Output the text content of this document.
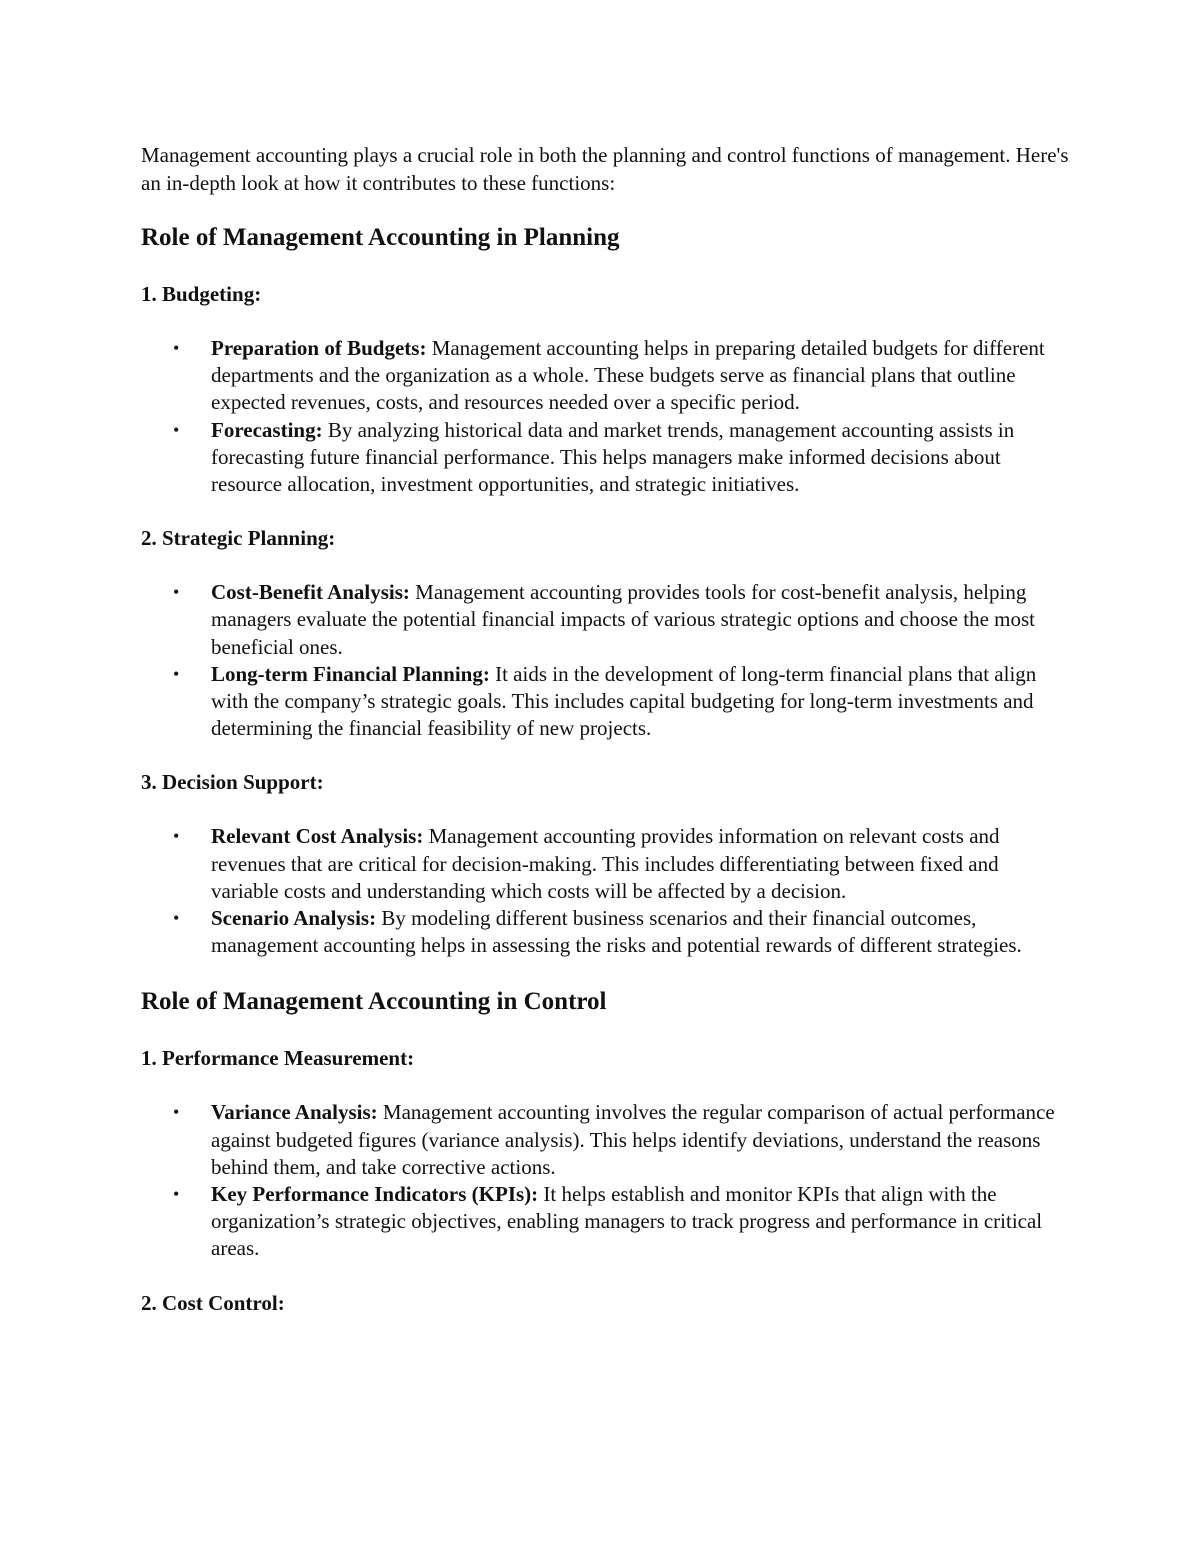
Management accounting plays a crucial role in both the planning and control functions of management. Here's an in-depth look at how it contributes to these functions:

Role of Management Accounting in Planning
1. Budgeting:
• Preparation of Budgets: Management accounting helps in preparing detailed budgets for different departments and the organization as a whole. These budgets serve as financial plans that outline expected revenues, costs, and resources needed over a specific period.
• Forecasting: By analyzing historical data and market trends, management accounting assists in forecasting future financial performance. This helps managers make informed decisions about resource allocation, investment opportunities, and strategic initiatives.
2. Strategic Planning:
• Cost-Benefit Analysis: Management accounting provides tools for cost-benefit analysis, helping managers evaluate the potential financial impacts of various strategic options and choose the most beneficial ones.
• Long-term Financial Planning: It aids in the development of long-term financial plans that align with the company’s strategic goals. This includes capital budgeting for long-term investments and determining the financial feasibility of new projects.
3. Decision Support:
• Relevant Cost Analysis: Management accounting provides information on relevant costs and revenues that are critical for decision-making. This includes differentiating between fixed and variable costs and understanding which costs will be affected by a decision.
• Scenario Analysis: By modeling different business scenarios and their financial outcomes, management accounting helps in assessing the risks and potential rewards of different strategies.
Role of Management Accounting in Control
1. Performance Measurement:
• Variance Analysis: Management accounting involves the regular comparison of actual performance against budgeted figures (variance analysis). This helps identify deviations, understand the reasons behind them, and take corrective actions.
• Key Performance Indicators (KPIs): It helps establish and monitor KPIs that align with the organization’s strategic objectives, enabling managers to track progress and performance in critical areas.
2. Cost Control:
